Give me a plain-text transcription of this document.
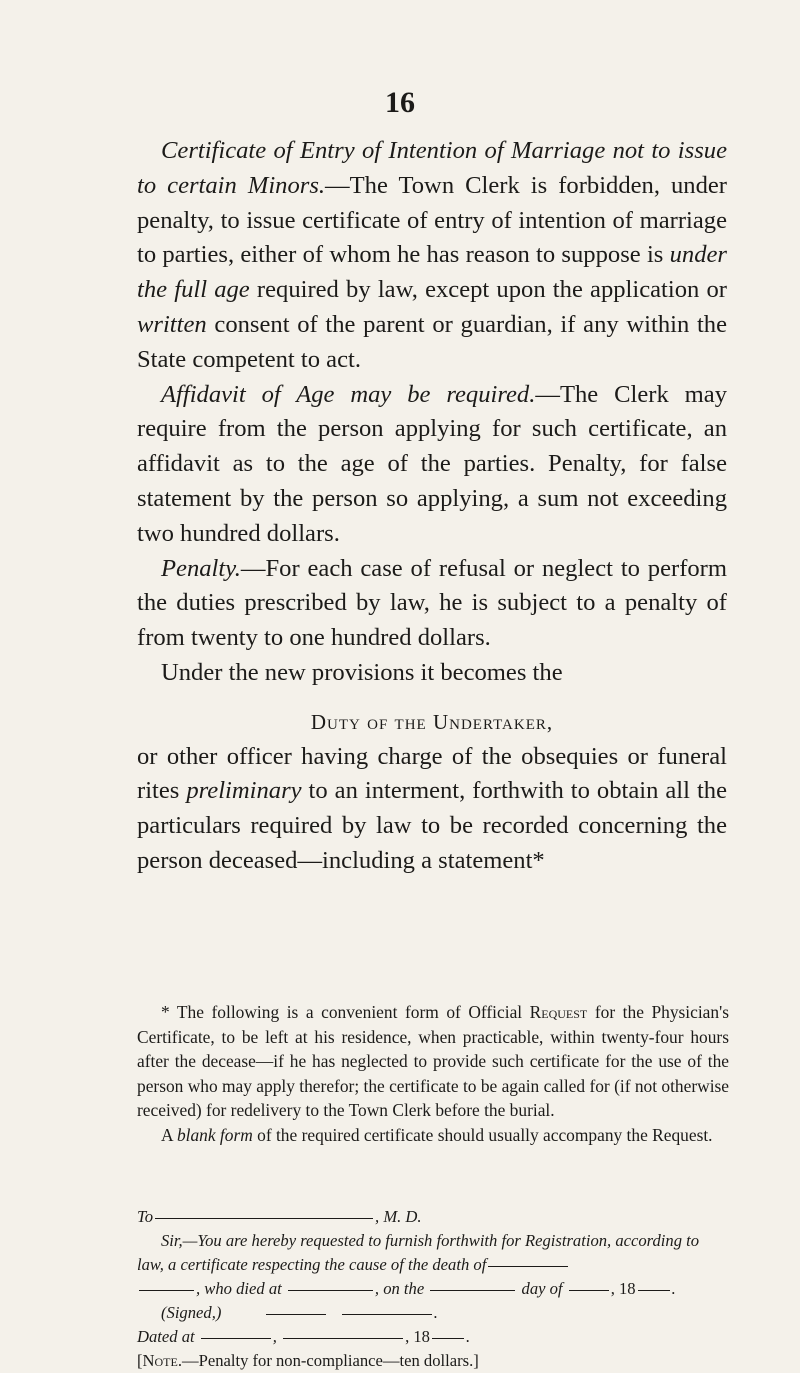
16

Certificate of Entry of Intention of Marriage not to issue to certain Minors.—The Town Clerk is forbidden, under penalty, to issue certificate of entry of intention of marriage to parties, either of whom he has reason to suppose is under the full age required by law, except upon the application or written consent of the parent or guardian, if any within the State competent to act.

Affidavit of Age may be required.—The Clerk may require from the person applying for such certificate, an affidavit as to the age of the parties. Penalty, for false statement by the person so applying, a sum not exceeding two hundred dollars.

Penalty.—For each case of refusal or neglect to perform the duties prescribed by law, he is subject to a penalty of from twenty to one hundred dollars.

Under the new provisions it becomes the

Duty of the Undertaker,

or other officer having charge of the obsequies or funeral rites preliminary to an interment, forthwith to obtain all the particulars required by law to be recorded concerning the person deceased—including a statement*

* The following is a convenient form of Official Request for the Physician's Certificate, to be left at his residence, when practicable, within twenty-four hours after the decease—if he has neglected to provide such certificate for the use of the person who may apply therefor; the certificate to be again called for (if not otherwise received) for redelivery to the Town Clerk before the burial.

A blank form of the required certificate should usually accompany the Request.

To	, M. D.
Sir,—You are hereby requested to furnish forthwith for Registration, according to law, a certificate respecting the cause of the death of
, who died at	, on the	day of	, 18 .
(Signed,)	.
Dated at	,	, 18 .
[Note.—Penalty for non-compliance—ten dollars.]
